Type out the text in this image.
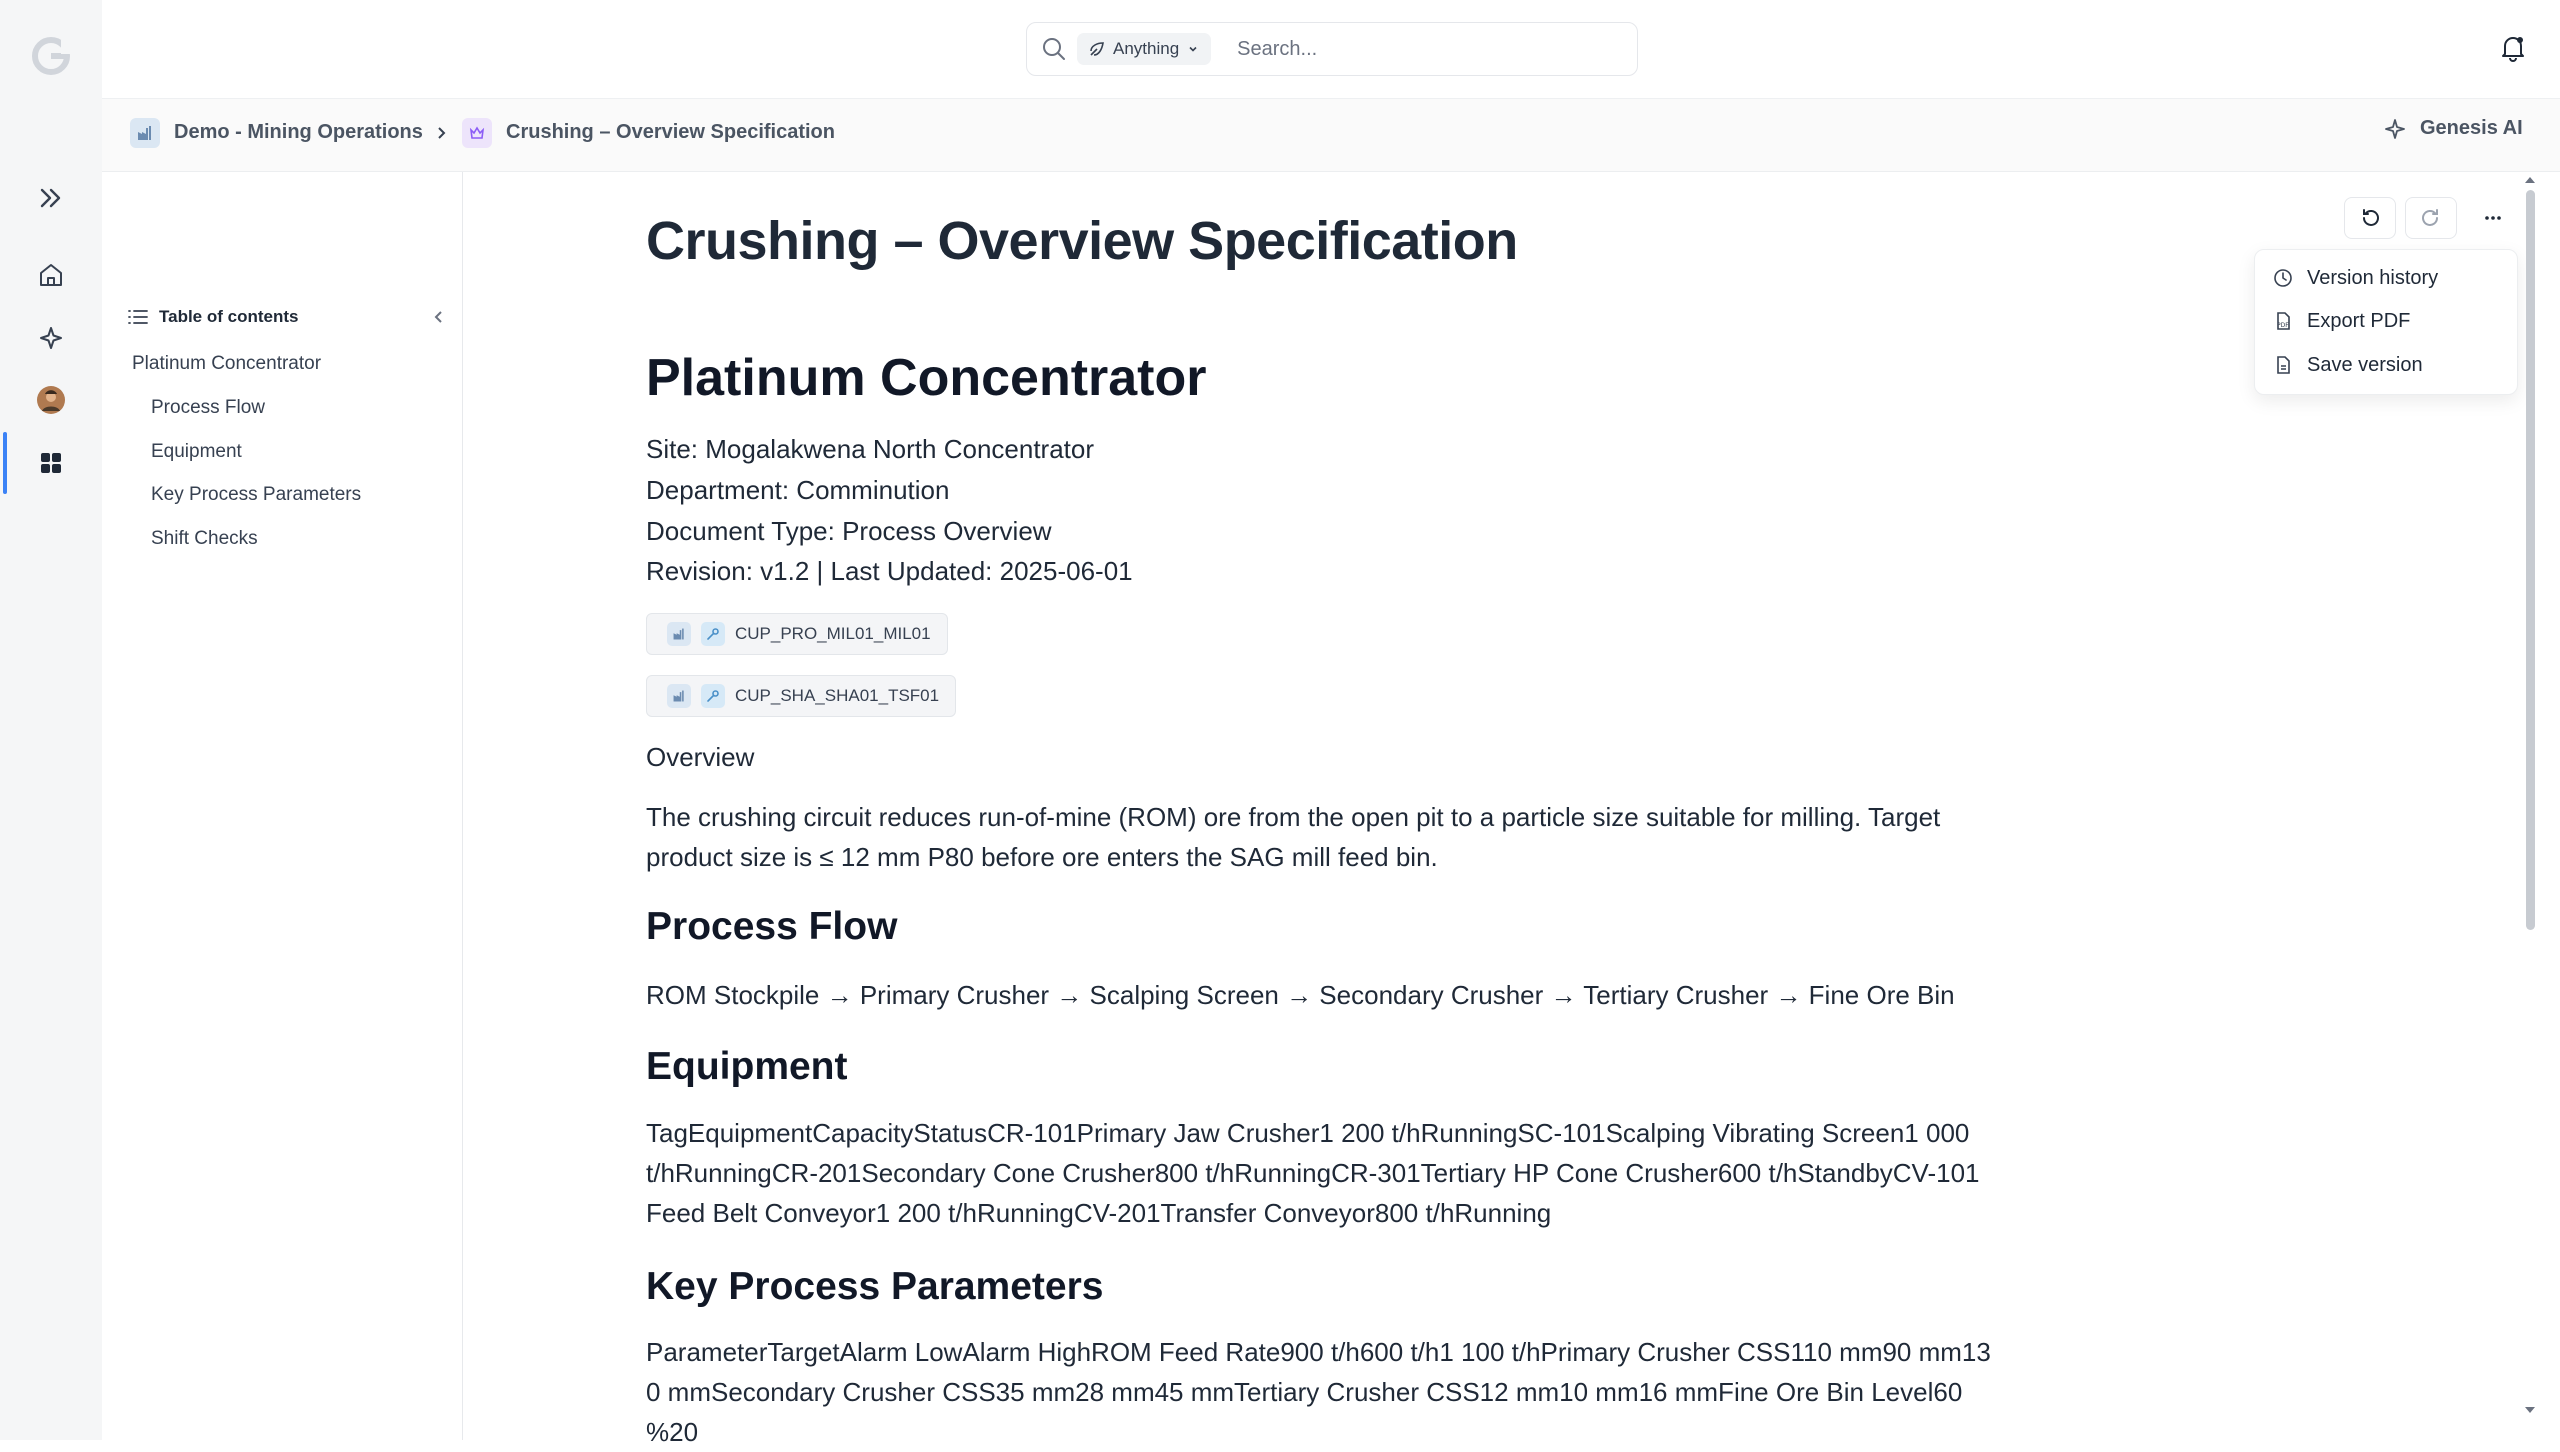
Anything
Search...
Demo - Mining Operations	Crushing – Overview Specification	Genesis AI
Table of contents
Platinum Concentrator
Process Flow
Equipment
Key Process Parameters
Shift Checks
Crushing – Overview Specification
Platinum Concentrator
Site: Mogalakwena North Concentrator
Department: Comminution
Document Type: Process Overview
Revision: v1.2 | Last Updated: 2025-06-01
CUP_PRO_MIL01_MIL01
CUP_SHA_SHA01_TSF01
Overview
The crushing circuit reduces run-of-mine (ROM) ore from the open pit to a particle size suitable for milling. Target product size is ≤ 12 mm P80 before ore enters the SAG mill feed bin.
Process Flow
ROM Stockpile → Primary Crusher → Scalping Screen → Secondary Crusher → Tertiary Crusher → Fine Ore Bin
Equipment
TagEquipmentCapacityStatusCR-101Primary Jaw Crusher1 200 t/hRunningSC-101Scalping Vibrating Screen1 000 t/hRunningCR-201Secondary Cone Crusher800 t/hRunningCR-301Tertiary HP Cone Crusher600 t/hStandbyCV-101Feed Belt Conveyor1 200 t/hRunningCV-201Transfer Conveyor800 t/hRunning
Key Process Parameters
ParameterTargetAlarm LowAlarm HighROM Feed Rate900 t/h600 t/h1 100 t/hPrimary Crusher CSS110 mm90 mm130 mmSecondary Crusher CSS35 mm28 mm45 mmTertiary Crusher CSS12 mm10 mm16 mmFine Ore Bin Level60 %20
Version history
PDF Export PDF
Save version
